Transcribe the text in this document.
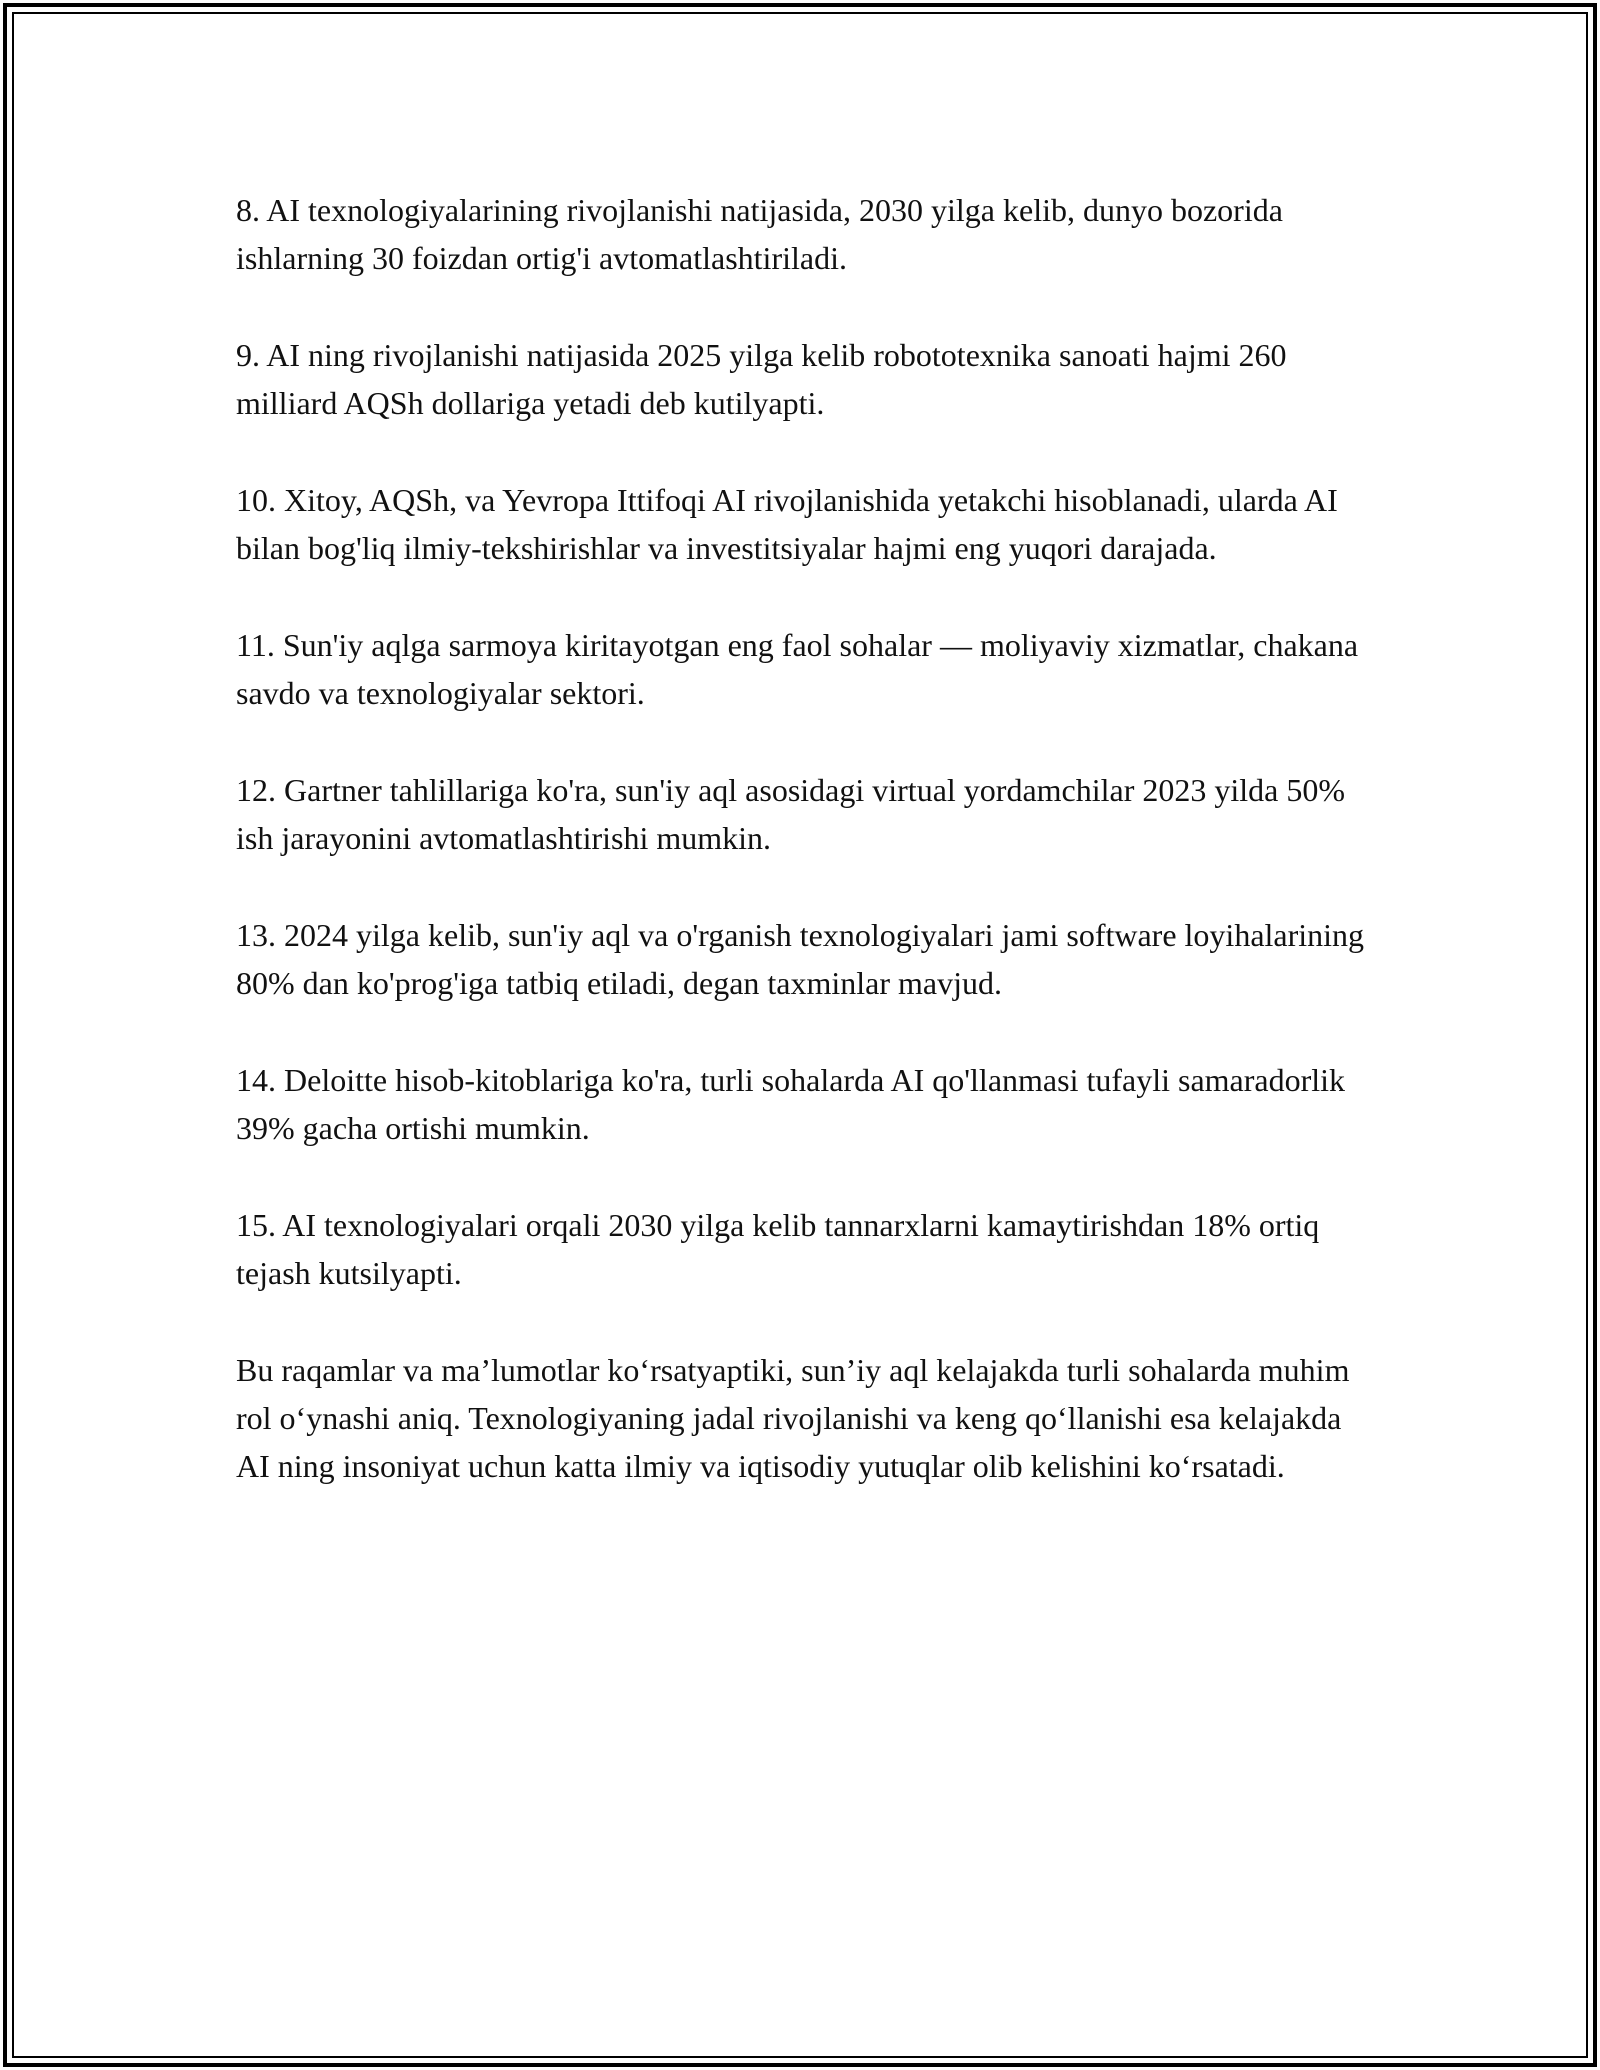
8. AI texnologiyalarining rivojlanishi natijasida, 2030 yilga kelib, dunyo bozorida ishlarning 30 foizdan ortig'i avtomatlashtiriladi.

9. AI ning rivojlanishi natijasida 2025 yilga kelib robototexnika sanoati hajmi 260 milliard AQSh dollariga yetadi deb kutilyapti.

10. Xitoy, AQSh, va Yevropa Ittifoqi AI rivojlanishida yetakchi hisoblanadi, ularda AI bilan bog'liq ilmiy-tekshirishlar va investitsiyalar hajmi eng yuqori darajada.

11. Sun'iy aqlga sarmoya kiritayotgan eng faol sohalar — moliyaviy xizmatlar, chakana savdo va texnologiyalar sektori.

12. Gartner tahlillariga ko'ra, sun'iy aql asosidagi virtual yordamchilar 2023 yilda 50% ish jarayonini avtomatlashtirishi mumkin.

13. 2024 yilga kelib, sun'iy aql va o'rganish texnologiyalari jami software loyihalarining 80% dan ko'prog'iga tatbiq etiladi, degan taxminlar mavjud.

14. Deloitte hisob-kitoblariga ko'ra, turli sohalarda AI qo'llanmasi tufayli samaradorlik 39% gacha ortishi mumkin.

15. AI texnologiyalari orqali 2030 yilga kelib tannarxlarni kamaytirishdan 18% ortiq tejash kutsilyapti.

Bu raqamlar va ma’lumotlar ko‘rsatyaptiki, sun’iy aql kelajakda turli sohalarda muhim rol o‘ynashi aniq. Texnologiyaning jadal rivojlanishi va keng qo‘llanishi esa kelajakda AI ning insoniyat uchun katta ilmiy va iqtisodiy yutuqlar olib kelishini ko‘rsatadi.
